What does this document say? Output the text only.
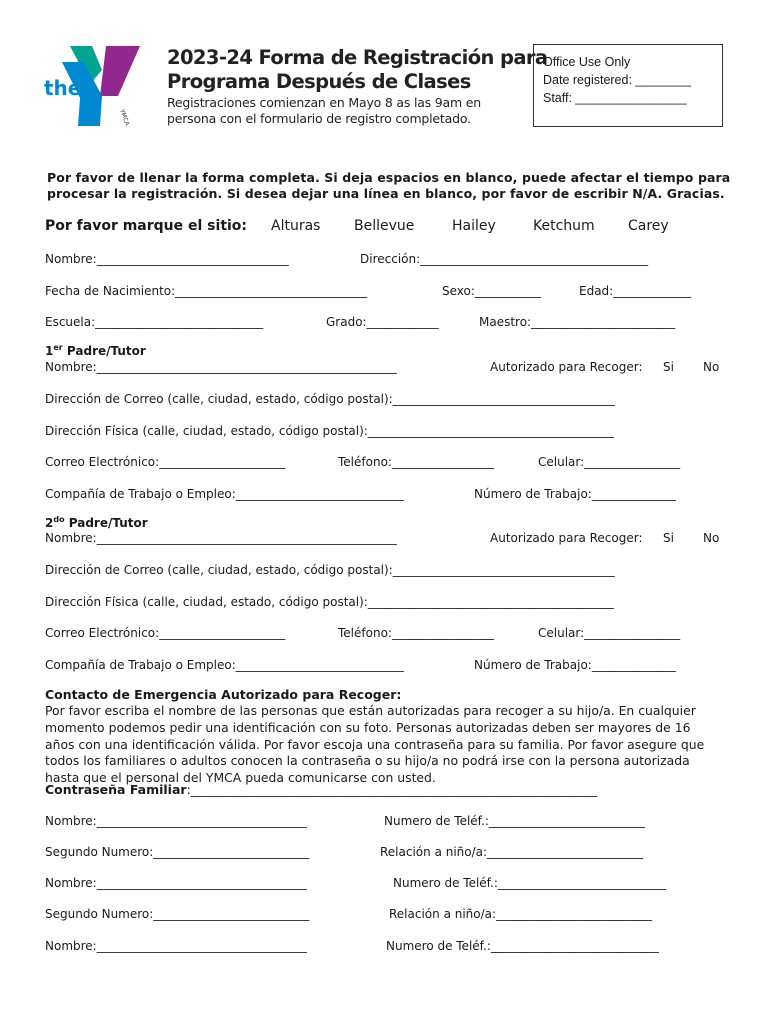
YMCA
the
2023-24 Forma de Registración para
Programa Después de Clases
Registraciones comienzan en Mayo 8 as las 9am en
persona con el formulario de registro completado.
Office Use Only
Date registered: ________
Staff: ________________
Por favor de llenar la forma completa. Si deja espacios en blanco, puede afectar el tiempo para
procesar la registración. Si desea dejar una línea en blanco, por favor de escribir N/A. Gracias.
Por favor marque el sitio: Alturas Bellevue	Hailey	Ketchum Carey
Nombre:________________________________	Dirección:______________________________________
Fecha de Nacimiento:________________________________	Sexo:___________	Edad:_____________
Escuela:____________________________	Grado:____________	Maestro:________________________
1er Padre/Tutor
Nombre:__________________________________________________	Autorizado para Recoger: Si No
Dirección de Correo (calle, ciudad, estado, código postal):_____________________________________
Dirección Física (calle, ciudad, estado, código postal):_________________________________________
Correo Electrónico:_____________________	Teléfono:_________________	Celular:________________
Compañía de Trabajo o Empleo:____________________________	Número de Trabajo:______________
$2^{do}$ Padre/Tutor
Nombre:__________________________________________________	Autorizado para Recoger: Si No
Dirección de Correo (calle, ciudad, estado, código postal):_____________________________________
Dirección Física (calle, ciudad, estado, código postal):_________________________________________
Correo Electrónico:_____________________	Teléfono:_________________	Celular:________________
Compañía de Trabajo o Empleo:____________________________	Número de Trabajo:______________
Contacto de Emergencia Autorizado para Recoger:
Por favor escriba el nombre de las personas que están autorizadas para recoger a su hijo/a. En cualquier
momento podemos pedir una identificación con su foto. Personas autorizadas deben ser mayores de 16
años con una identificación válida. Por favor escoja una contraseña para su familia. Por favor asegure que
todos los familiares o adultos conocen la contraseña o su hijo/a no podrá irse con la persona autorizada
hasta que el personal del YMCA pueda comunicarse con usted.
Contraseña Familiar:_________________________________________________________________
Nombre:___________________________________	Numero de Teléf.:__________________________
Segundo Numero:__________________________	Relación a niño/a:__________________________
Nombre:___________________________________	Numero de Teléf.:____________________________
Segundo Numero:__________________________	Relación a niño/a:__________________________
Nombre:___________________________________	Numero de Teléf.:____________________________
